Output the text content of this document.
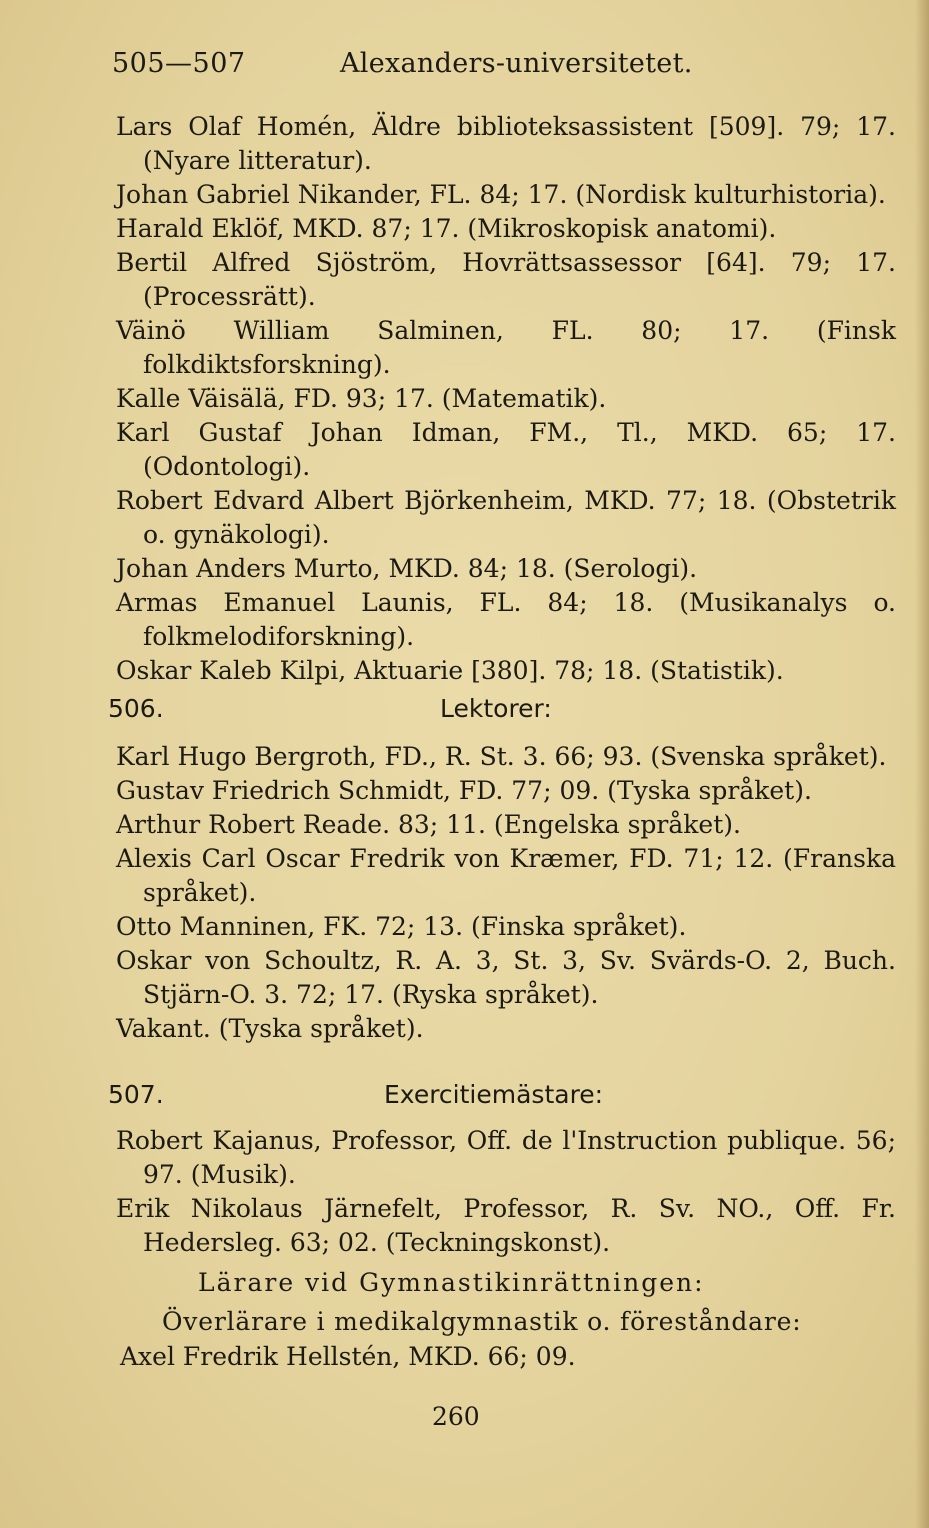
505—507	Alexanders-universitetet.

Lars Olaf Homén, Äldre biblioteksassistent [509]. 79; 17. (Nyare litteratur).

Johan Gabriel Nikander, FL. 84; 17. (Nordisk kulturhistoria).

Harald Eklöf, MKD. 87; 17. (Mikroskopisk anatomi).

Bertil Alfred Sjöström, Hovrättsassessor [64]. 79; 17. (Processrätt).

Väinö William Salminen, FL. 80; 17. (Finsk folkdiktsforskning).

Kalle Väisälä, FD. 93; 17. (Matematik).

Karl Gustaf Johan Idman, FM., Tl., MKD. 65; 17. (Odontologi).

Robert Edvard Albert Björkenheim, MKD. 77; 18. (Obstetrik o. gynäkologi).

Johan Anders Murto, MKD. 84; 18. (Serologi).

Armas Emanuel Launis, FL. 84; 18. (Musikanalys o. folkmelodiforskning).

Oskar Kaleb Kilpi, Aktuarie [380]. 78; 18. (Statistik).

506.	Lektorer:

Karl Hugo Bergroth, FD., R. St. 3. 66; 93. (Svenska språket).

Gustav Friedrich Schmidt, FD. 77; 09. (Tyska språket).

Arthur Robert Reade. 83; 11. (Engelska språket).

Alexis Carl Oscar Fredrik von Kræmer, FD. 71; 12. (Franska språket).

Otto Manninen, FK. 72; 13. (Finska språket).

Oskar von Schoultz, R. A. 3, St. 3, Sv. Svärds-O. 2, Buch. Stjärn-O. 3. 72; 17. (Ryska språket).

Vakant. (Tyska språket).

507.	Exercitiemästare:

Robert Kajanus, Professor, Off. de l'Instruction publique. 56; 97. (Musik).

Erik Nikolaus Järnefelt, Professor, R. Sv. NO., Off. Fr. Hedersleg. 63; 02. (Teckningskonst).

Lärare vid Gymnastikinrättningen:
Överlärare i medikalgymnastik o. föreståndare:
Axel Fredrik Hellstén, MKD. 66; 09.
260
